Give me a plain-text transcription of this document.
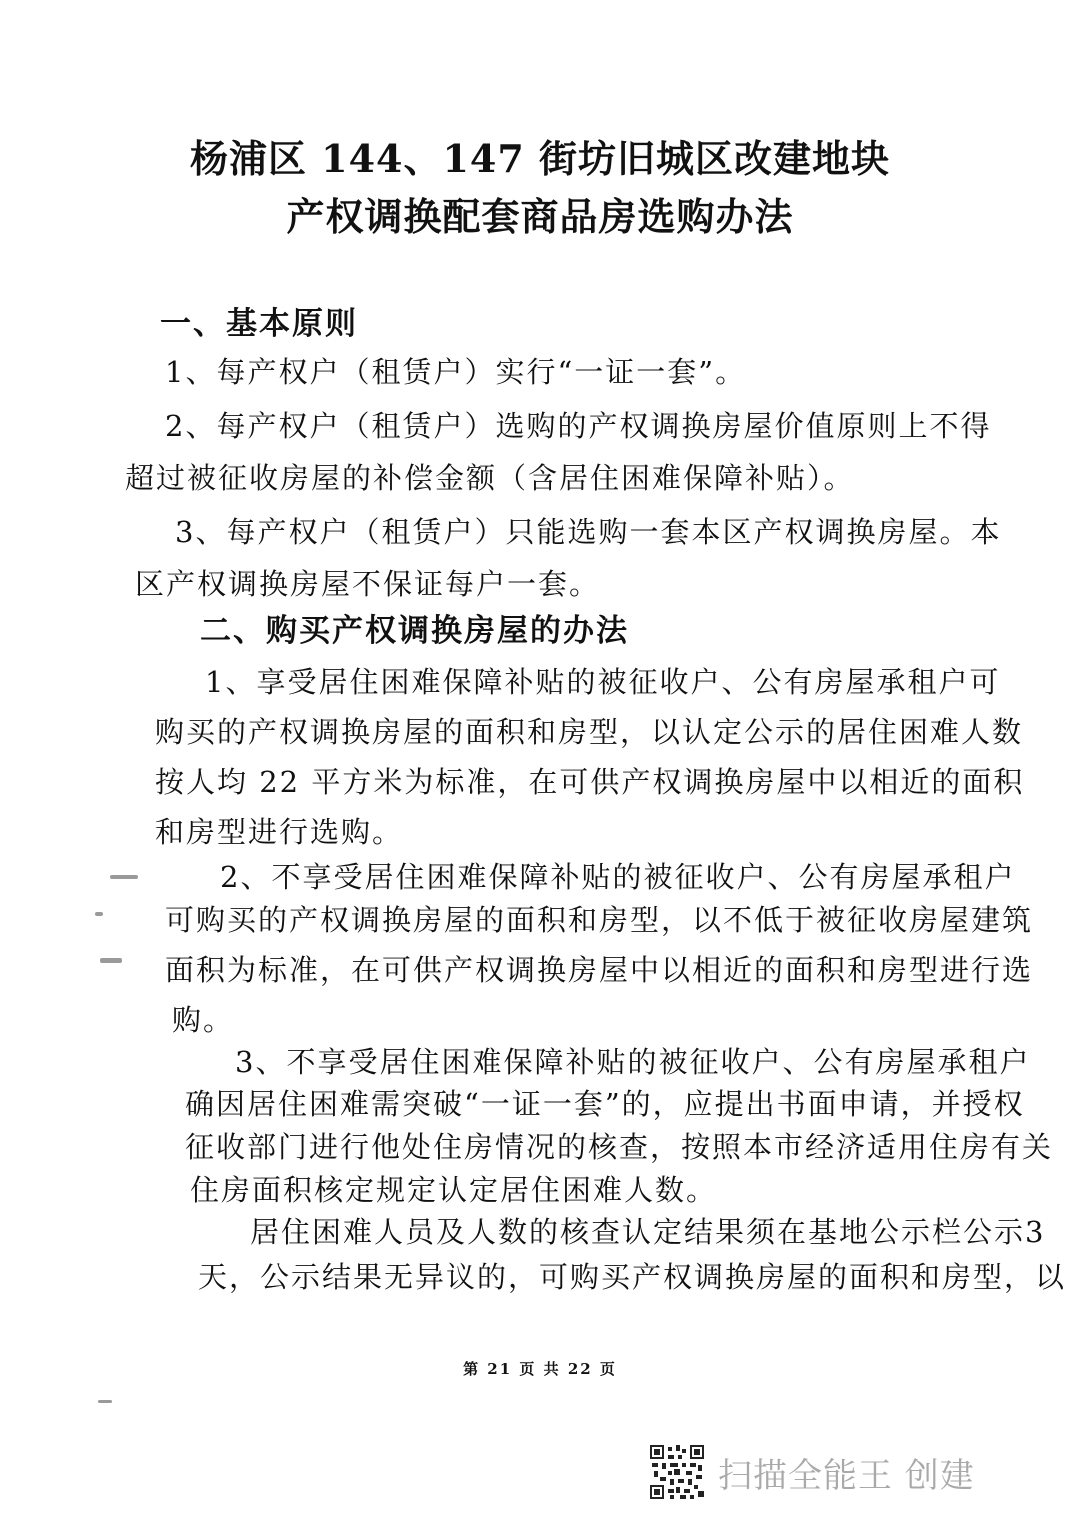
杨浦区 144、147 街坊旧城区改建地块
产权调换配套商品房选购办法
一、基本原则
1、每产权户（租赁户）实行“一证一套”。
2、每产权户（租赁户）选购的产权调换房屋价值原则上不得
超过被征收房屋的补偿金额（含居住困难保障补贴）。
3、每产权户（租赁户）只能选购一套本区产权调换房屋。本
区产权调换房屋不保证每户一套。
二、购买产权调换房屋的办法
1、享受居住困难保障补贴的被征收户、公有房屋承租户可
购买的产权调换房屋的面积和房型，以认定公示的居住困难人数
按人均 22 平方米为标准，在可供产权调换房屋中以相近的面积
和房型进行选购。
2、不享受居住困难保障补贴的被征收户、公有房屋承租户
可购买的产权调换房屋的面积和房型，以不低于被征收房屋建筑
面积为标准，在可供产权调换房屋中以相近的面积和房型进行选
购。
3、不享受居住困难保障补贴的被征收户、公有房屋承租户
确因居住困难需突破“一证一套”的，应提出书面申请，并授权
征收部门进行他处住房情况的核查，按照本市经济适用住房有关
住房面积核定规定认定居住困难人数。
居住困难人员及人数的核查认定结果须在基地公示栏公示3
天，公示结果无异议的，可购买产权调换房屋的面积和房型，以
第 21 页 共 22 页
扫描全能王 创建
